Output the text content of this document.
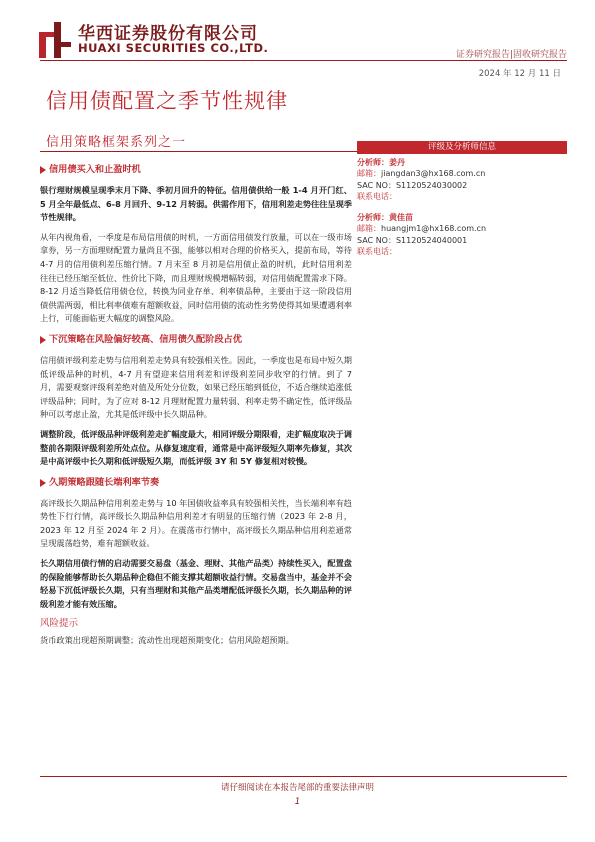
华西证券股份有限公司
HUAXI SECURITIES CO.,LTD.	证券研究报告|固收研究报告
2024 年 12 月 11 日
信用债配置之季节性规律
信用策略框架系列之一
信用债买入和止盈时机

银行理财规模呈现季末月下降、季初月回升的特征。信用债供给一般 1-4 月开门红、5 月全年最低点、6-8 月回升、9-12 月转弱。供需作用下，信用利差走势往往呈现季节性规律。

从年内视角看，一季度是布局信用债的时机，一方面信用债发行放量，可以在一级市场拿券，另一方面理财配置力量尚且不强，能够以相对合理的价格买入，提前布局，等待 4-7 月的信用债利差压缩行情。7 月末至 8 月初是信用债止盈的时机，此时信用利差往往已经压缩至低位、性价比下降，而且理财规模增幅转弱，对信用债配置需求下降。8-12 月适当降低信用债仓位，转换为同业存单、利率债品种，主要由于这一阶段信用债供需两弱，相比利率债难有超额收益，同时信用债的流动性劣势使得其如果遭遇利率上行，可能面临更大幅度的调整风险。

下沉策略在风险偏好较高、信用债久配阶段占优

信用债评级利差走势与信用利差走势具有较强相关性。因此，一季度也是布局中短久期低评级品种的时机，4-7 月有望迎来信用利差和评级利差同步收窄的行情。到了 7 月，需要观察评级利差绝对值及所处分位数，如果已经压缩到低位，不适合继续追涨低评级品种；同时，为了应对 8-12 月理财配置力量转弱、利率走势不确定性，低评级品种可以考虑止盈，尤其是低评级中长久期品种。

调整阶段，低评级品种评级利差走扩幅度最大，相同评级分期限看，走扩幅度取决于调整前各期限评级利差所处点位。从修复速度看，通常是中高评级短久期率先修复，其次是中高评级中长久期和低评级短久期，而低评级 3Y 和 5Y 修复相对较慢。

久期策略跟随长端利率节奏

高评级长久期品种信用利差走势与 10 年国债收益率具有较强相关性，当长端利率有趋势性下行行情，高评级长久期品种信用利差才有明显的压缩行情（2023 年 2-8 月，2023 年 12 月至 2024 年 2 月）。在震荡市行情中，高评级长久期品种信用利差通常呈现震荡趋势，难有超额收益。

长久期信用债行情的启动需要交易盘（基金、理财、其他产品类）持续性买入，配置盘的保险能够帮助长久期品种企稳但不能支撑其超额收益行情。交易盘当中，基金并不会轻易下沉低评级长久期，只有当理财和其他产品类增配低评级长久期，长久期品种的评级利差才能有效压缩。

风险提示

货币政策出现超预期调整；流动性出现超预期变化；信用风险超预期。

评级及分析师信息
分析师：姜丹
邮箱：jiangdan3@hx168.com.cn
SAC NO：S1120524030002
联系电话：
分析师：黄佳苗
邮箱：huangjm1@hx168.com.cn
SAC NO：S1120524040001
联系电话：
请仔细阅读在本报告尾部的重要法律声明
1
